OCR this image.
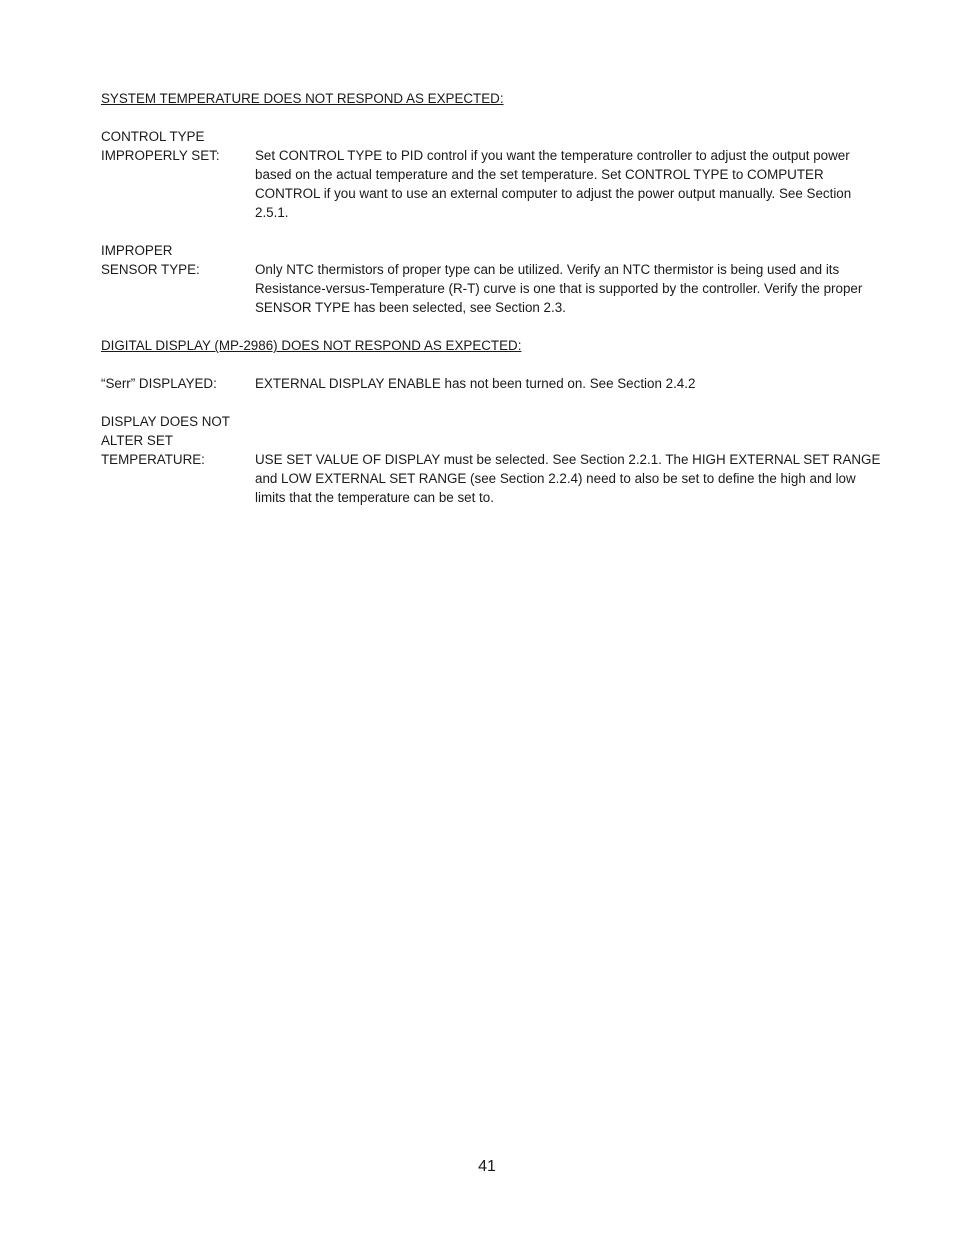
SYSTEM TEMPERATURE DOES NOT RESPOND AS EXPECTED:
CONTROL TYPE
IMPROPERLY SET:	Set CONTROL TYPE to PID control if you want the temperature controller to adjust the output power based on the actual temperature and the set temperature. Set CONTROL TYPE to COMPUTER CONTROL if you want to use an external computer to adjust the power output manually. See Section 2.5.1.
IMPROPER
SENSOR TYPE:	Only NTC thermistors of proper type can be utilized. Verify an NTC thermistor is being used and its Resistance-versus-Temperature (R-T) curve is one that is supported by the controller. Verify the proper SENSOR TYPE has been selected, see Section 2.3.
DIGITAL DISPLAY (MP-2986) DOES NOT RESPOND AS EXPECTED:
“Serr” DISPLAYED:	EXTERNAL DISPLAY ENABLE has not been turned on. See Section 2.4.2
DISPLAY DOES NOT
ALTER SET
TEMPERATURE:	USE SET VALUE OF DISPLAY must be selected. See Section 2.2.1. The HIGH EXTERNAL SET RANGE and LOW EXTERNAL SET RANGE (see Section 2.2.4) need to also be set to define the high and low limits that the temperature can be set to.
41
